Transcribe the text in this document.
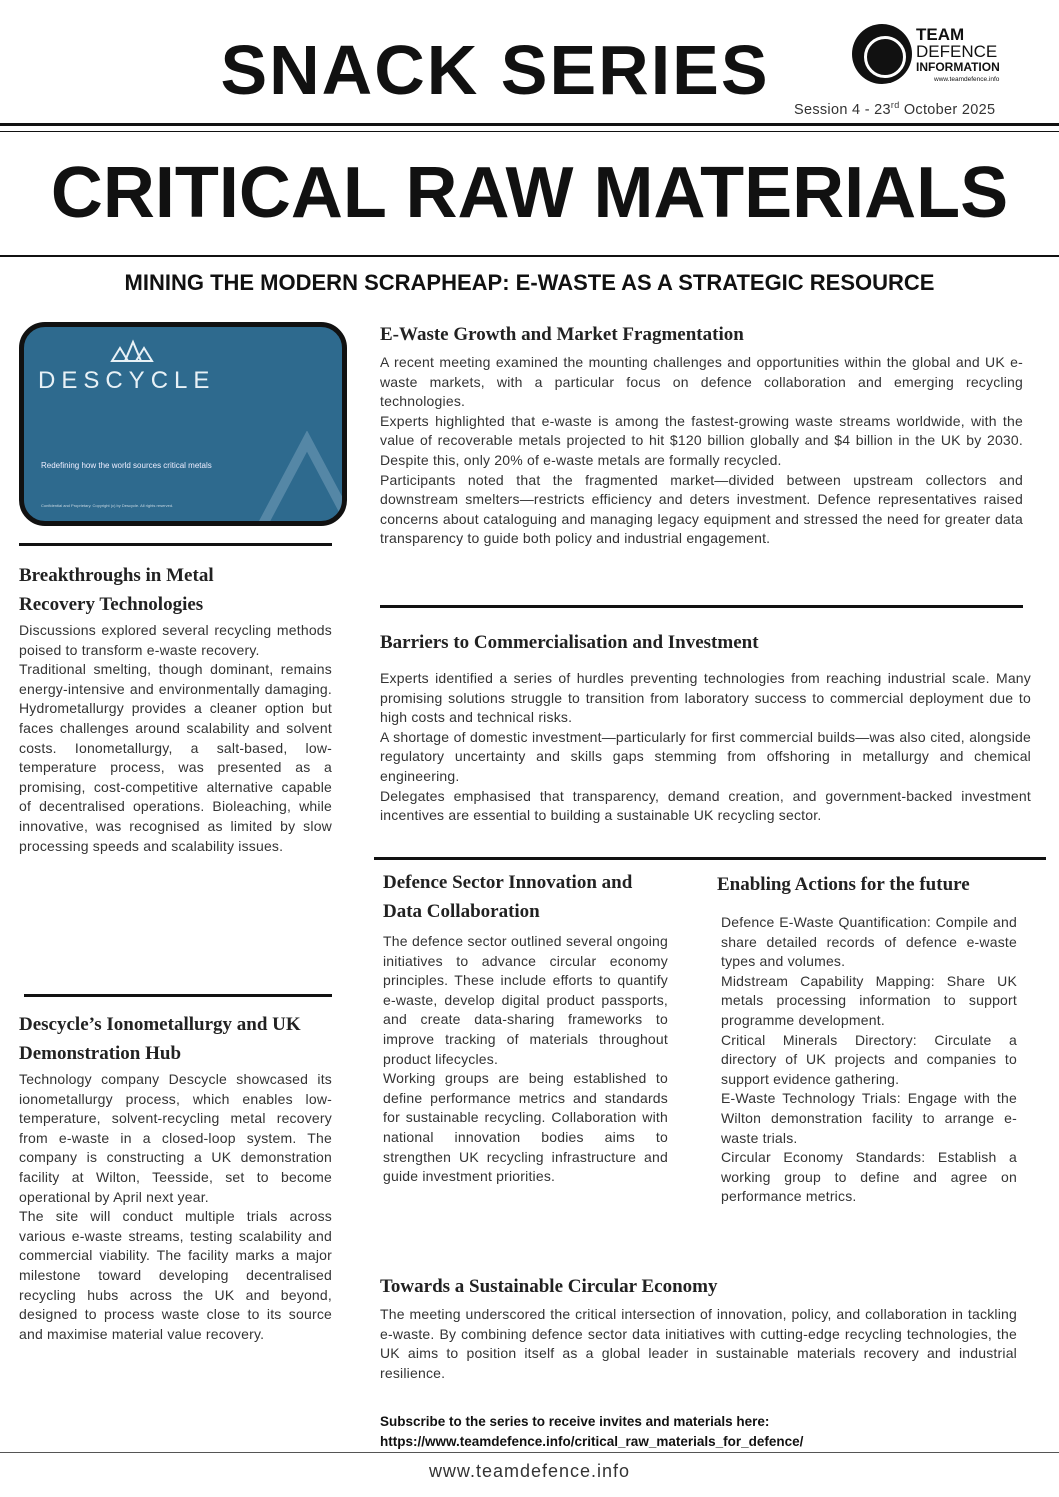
SNACK SERIES	TEAM
DEFENCE
INFORMATION
www.teamdefence.info
Session 4 - 23rd October 2025
CRITICAL RAW MATERIALS
MINING THE MODERN SCRAPHEAP: E-WASTE AS A STRATEGIC RESOURCE
DESCYCLE
Redefining how the world sources critical metals
Confidential and Proprietary. Copyright (c) by Descycle. All rights reserved.
E-Waste Growth and Market Fragmentation
A recent meeting examined the mounting challenges and opportunities within the global and UK e-waste markets, with a particular focus on defence collaboration and emerging recycling technologies.
Experts highlighted that e-waste is among the fastest-growing waste streams worldwide, with the value of recoverable metals projected to hit $120 billion globally and $4 billion in the UK by 2030. Despite this, only 20% of e-waste metals are formally recycled.
Participants noted that the fragmented market—divided between upstream collectors and downstream smelters—restricts efficiency and deters investment. Defence representatives raised concerns about cataloguing and managing legacy equipment and stressed the need for greater data transparency to guide both policy and industrial engagement.
Breakthroughs in Metal Recovery Technologies
Discussions explored several recycling methods poised to transform e-waste recovery.
Traditional smelting, though dominant, remains energy-intensive and environmentally damaging. Hydrometallurgy provides a cleaner option but faces challenges around scalability and solvent costs. Ionometallurgy, a salt-based, low-temperature process, was presented as a promising, cost-competitive alternative capable of decentralised operations. Bioleaching, while innovative, was recognised as limited by slow processing speeds and scalability issues.
Barriers to Commercialisation and Investment
Experts identified a series of hurdles preventing technologies from reaching industrial scale. Many promising solutions struggle to transition from laboratory success to commercial deployment due to high costs and technical risks.
A shortage of domestic investment—particularly for first commercial builds—was also cited, alongside regulatory uncertainty and skills gaps stemming from offshoring in metallurgy and chemical engineering.
Delegates emphasised that transparency, demand creation, and government-backed investment incentives are essential to building a sustainable UK recycling sector.
Descycle’s Ionometallurgy and UK Demonstration Hub
Technology company Descycle showcased its ionometallurgy process, which enables low-temperature, solvent-recycling metal recovery from e-waste in a closed-loop system. The company is constructing a UK demonstration facility at Wilton, Teesside, set to become operational by April next year.
The site will conduct multiple trials across various e-waste streams, testing scalability and commercial viability. The facility marks a major milestone toward developing decentralised recycling hubs across the UK and beyond, designed to process waste close to its source and maximise material value recovery.
Defence Sector Innovation and Data Collaboration
The defence sector outlined several ongoing initiatives to advance circular economy principles. These include efforts to quantify e-waste, develop digital product passports, and create data-sharing frameworks to improve tracking of materials throughout product lifecycles.
Working groups are being established to define performance metrics and standards for sustainable recycling. Collaboration with national innovation bodies aims to strengthen UK recycling infrastructure and guide investment priorities.
Enabling Actions for the future
Defence E-Waste Quantification: Compile and share detailed records of defence e-waste types and volumes.
Midstream Capability Mapping: Share UK metals processing information to support programme development.
Critical Minerals Directory: Circulate a directory of UK projects and companies to support evidence gathering.
E-Waste Technology Trials: Engage with the Wilton demonstration facility to arrange e-waste trials.
Circular Economy Standards: Establish a working group to define and agree on performance metrics.
Towards a Sustainable Circular Economy
The meeting underscored the critical intersection of innovation, policy, and collaboration in tackling e-waste. By combining defence sector data initiatives with cutting-edge recycling technologies, the UK aims to position itself as a global leader in sustainable materials recovery and industrial resilience.
Subscribe to the series to receive invites and materials here:
https://www.teamdefence.info/critical_raw_materials_for_defence/
www.teamdefence.info
